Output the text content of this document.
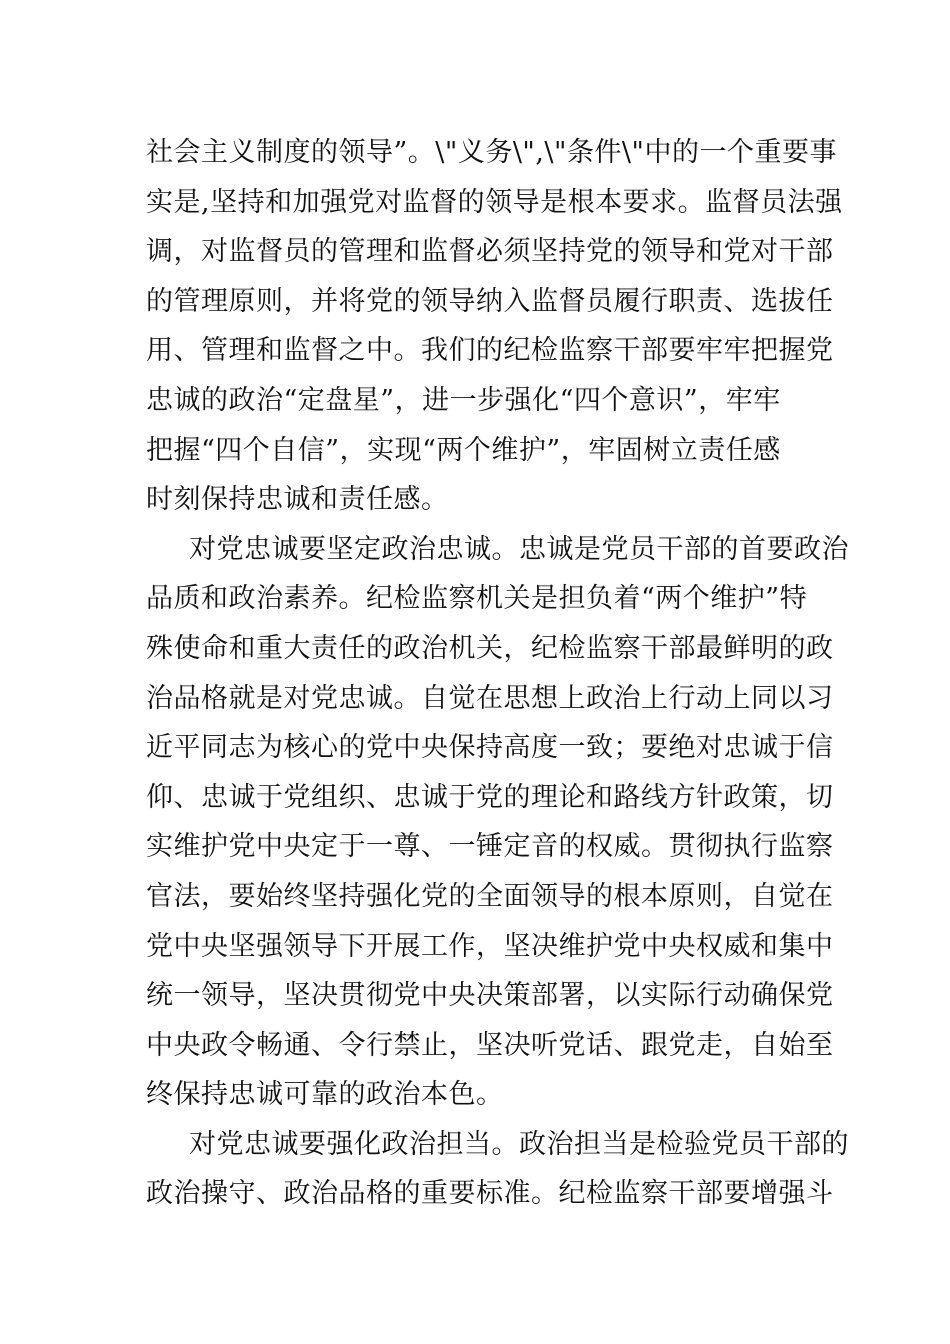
社会主义制度的领导”。\"义务\",\"条件\"中的一个重要事
实是,坚持和加强党对监督的领导是根本要求。监督员法强
调，对监督员的管理和监督必须坚持党的领导和党对干部
的管理原则，并将党的领导纳入监督员履行职责、选拔任
用、管理和监督之中。我们的纪检监察干部要牢牢把握党
忠诚的政治“定盘星”，进一步强化“四个意识”，牢牢
把握“四个自信”，实现“两个维护”，牢固树立责任感
时刻保持忠诚和责任感。
对党忠诚要坚定政治忠诚。忠诚是党员干部的首要政治
品质和政治素养。纪检监察机关是担负着“两个维护”特
殊使命和重大责任的政治机关，纪检监察干部最鲜明的政
治品格就是对党忠诚。自觉在思想上政治上行动上同以习
近平同志为核心的党中央保持高度一致；要绝对忠诚于信
仰、忠诚于党组织、忠诚于党的理论和路线方针政策，切
实维护党中央定于一尊、一锤定音的权威。贯彻执行监察
官法，要始终坚持强化党的全面领导的根本原则，自觉在
党中央坚强领导下开展工作，坚决维护党中央权威和集中
统一领导，坚决贯彻党中央决策部署，以实际行动确保党
中央政令畅通、令行禁止，坚决听党话、跟党走，自始至
终保持忠诚可靠的政治本色。
对党忠诚要强化政治担当。政治担当是检验党员干部的
政治操守、政治品格的重要标准。纪检监察干部要增强斗
